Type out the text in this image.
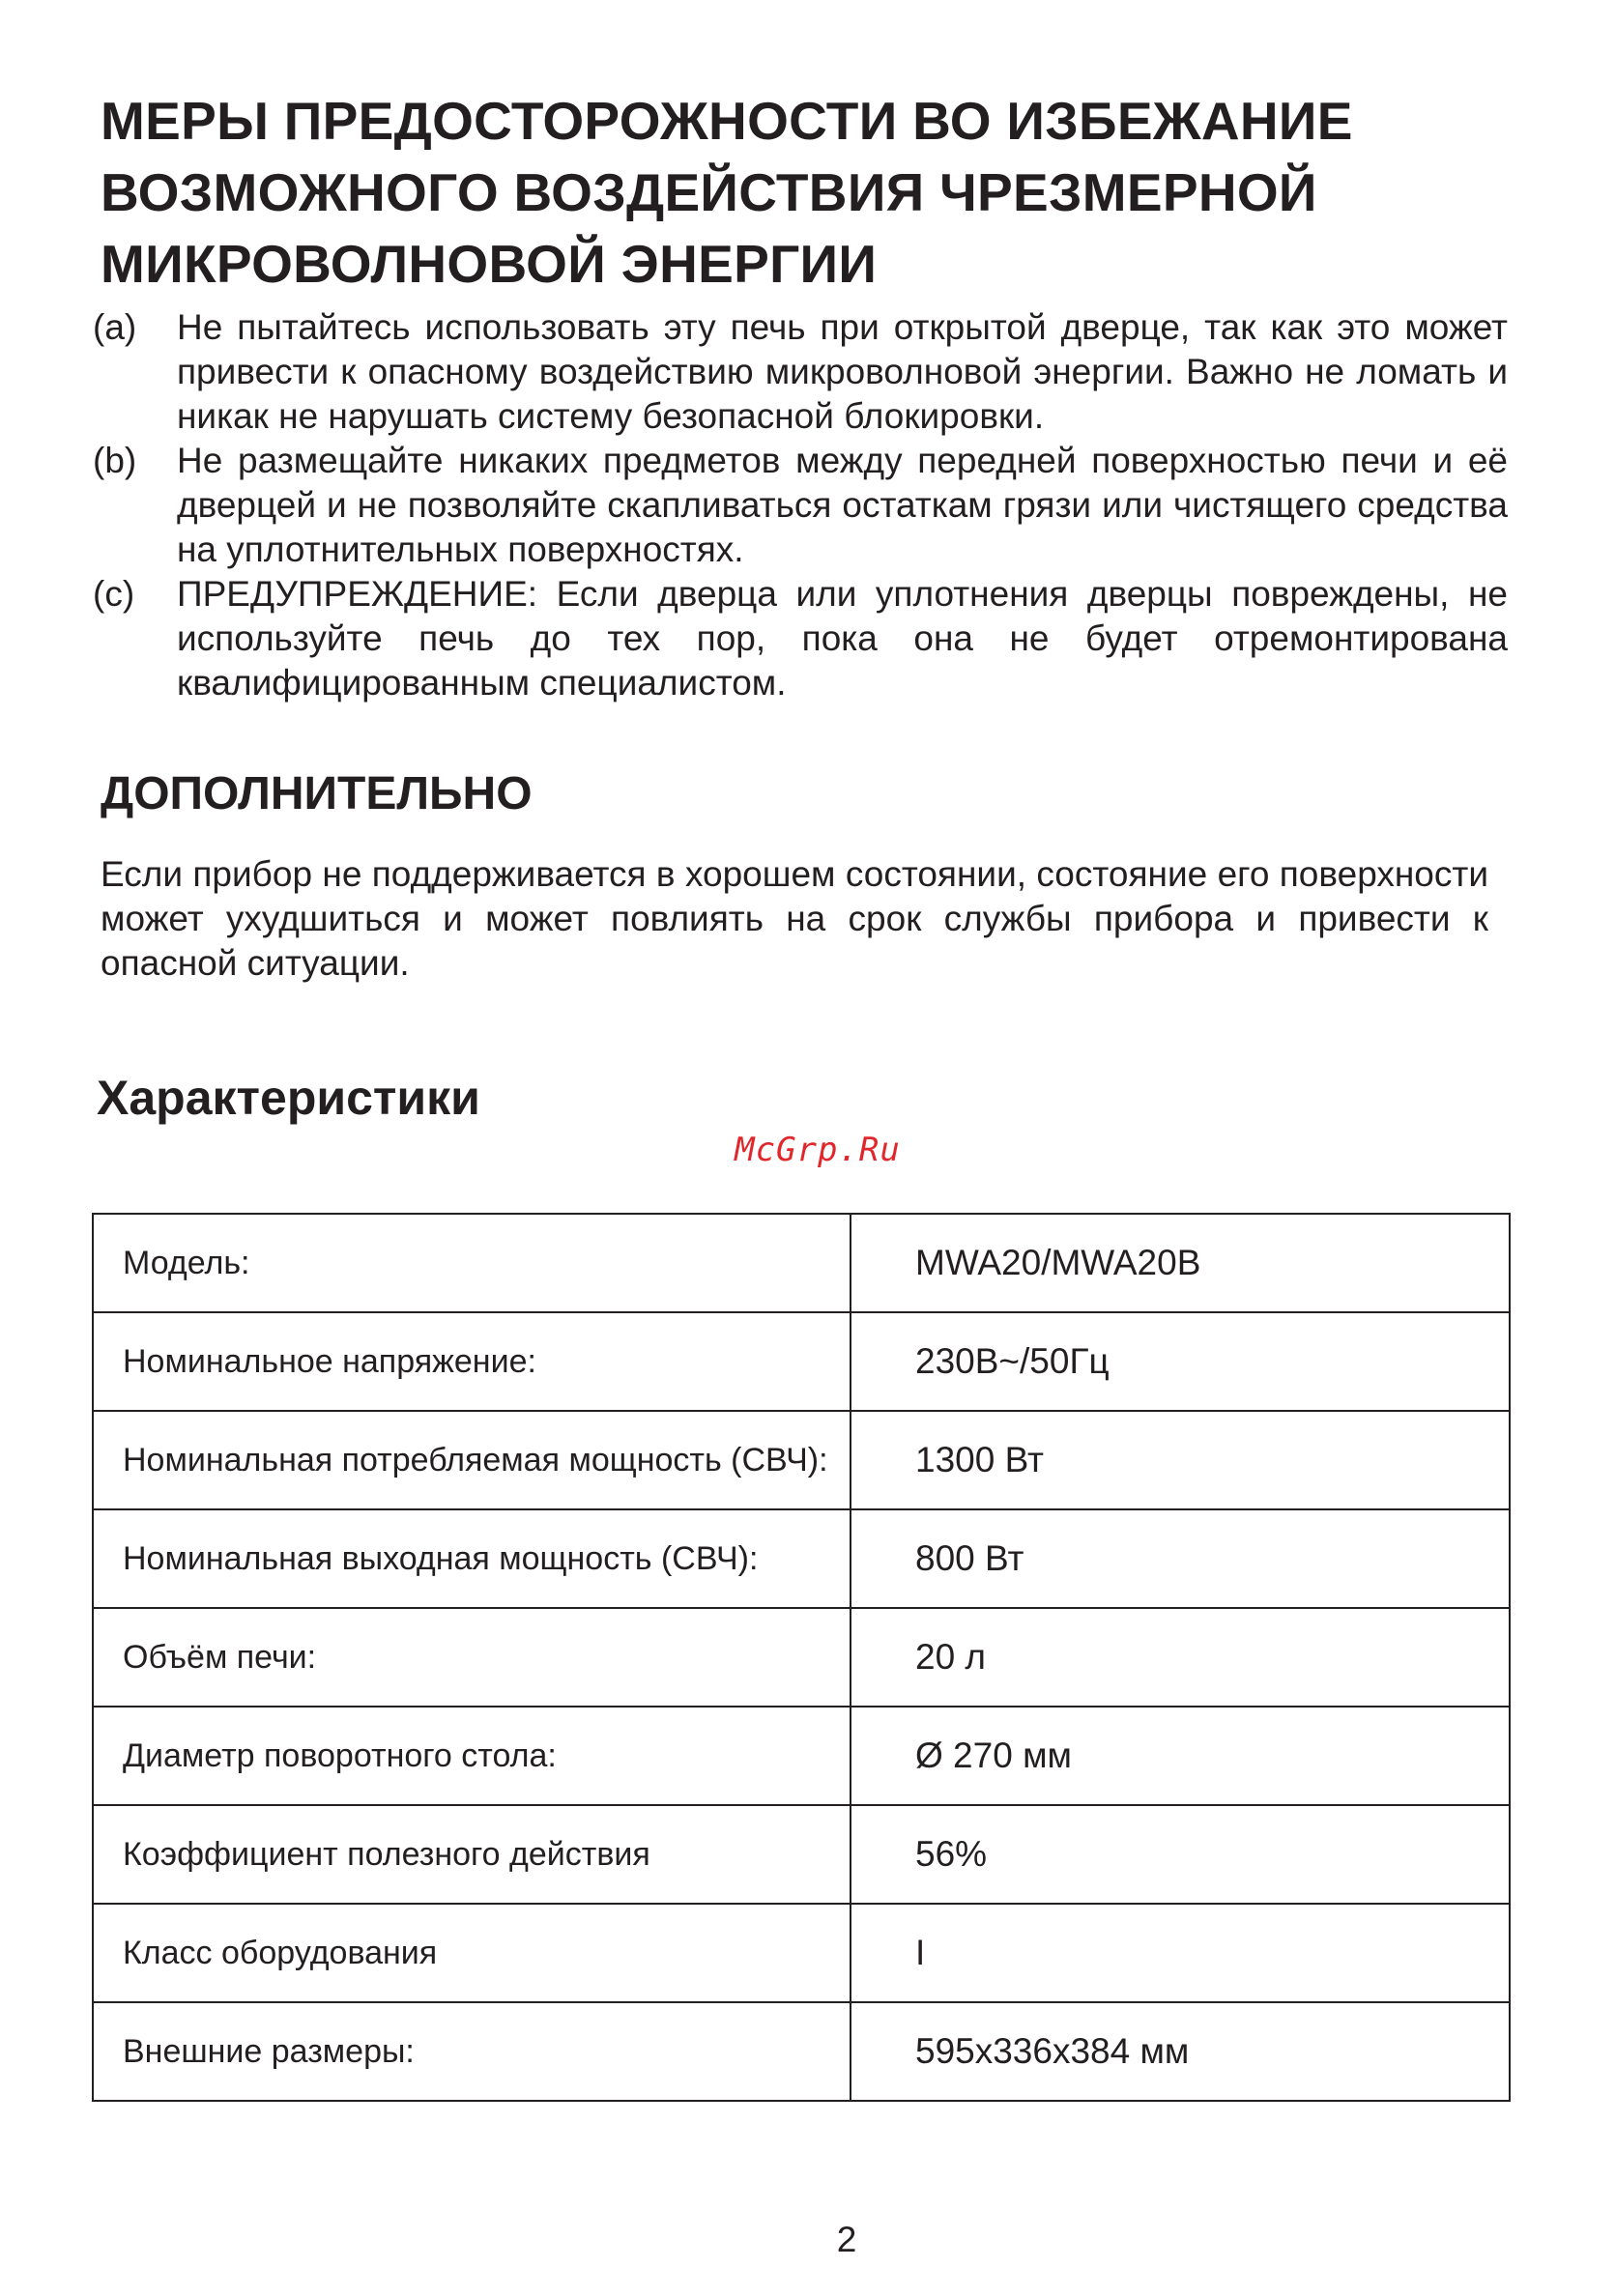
МЕРЫ ПРЕДОСТОРОЖНОСТИ ВО ИЗБЕЖАНИЕ ВОЗМОЖНОГО ВОЗДЕЙСТВИЯ ЧРЕЗМЕРНОЙ МИКРОВОЛНОВОЙ ЭНЕРГИИ
(a) Не пытайтесь использовать эту печь при открытой дверце, так как это может привести к опасному воздействию микроволновой энергии. Важно не ломать и никак не нарушать систему безопасной блокировки.
(b) Не размещайте никаких предметов между передней поверхностью печи и её дверцей и не позволяйте скапливаться остаткам грязи или чистящего средства на уплотнительных поверхностях.
(c) ПРЕДУПРЕЖДЕНИЕ: Если дверца или уплотнения дверцы повреждены, не используйте печь до тех пор, пока она не будет отремонтирована квалифицированным специалистом.
ДОПОЛНИТЕЛЬНО

Если прибор не поддерживается в хорошем состоянии, состояние его поверхности может ухудшиться и может повлиять на срок службы прибора и привести к опасной ситуации.

Характеристики
McGrp.Ru
Модель:	MWA20/MWA20B
Номинальное напряжение:	230В~/50Гц
Номинальная потребляемая мощность (СВЧ):	1300 Вт
Номинальная выходная мощность (СВЧ):	800 Вт
Объём печи:	20 л
Диаметр поворотного стола:	Ø 270 мм
Коэффициент полезного действия	56%
Класс оборудования	I
Внешние размеры:	595x336x384 мм
2
